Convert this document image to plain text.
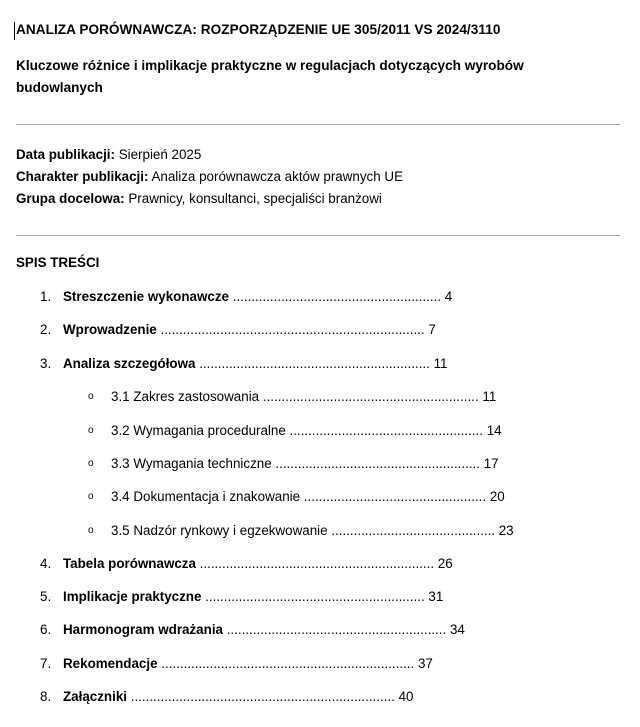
ANALIZA PORÓWNAWCZA: ROZPORZĄDZENIE UE 305/2011 VS 2024/3110
Kluczowe różnice i implikacje praktyczne w regulacjach dotyczących wyrobów budowlanych
Data publikacji: Sierpień 2025
Charakter publikacji: Analiza porównawcza aktów prawnych UE
Grupa docelowa: Prawnicy, konsultanci, specjaliści branżowi
SPIS TREŚCI
1. Streszczenie wykonawcze ........................................................ 4
2. Wprowadzenie ....................................................................... 7
3. Analiza szczegółowa .............................................................. 11
o 3.1 Zakres zastosowania .......................................................... 11
o 3.2 Wymagania proceduralne .................................................... 14
o 3.3 Wymagania techniczne ....................................................... 17
o 3.4 Dokumentacja i znakowanie ................................................. 20
o 3.5 Nadzór rynkowy i egzekwowanie ............................................ 23
4. Tabela porównawcza ............................................................... 26
5. Implikacje praktyczne ........................................................... 31
6. Harmonogram wdrażania ........................................................... 34
7. Rekomendacje .................................................................... 37
8. Załączniki ....................................................................... 40
